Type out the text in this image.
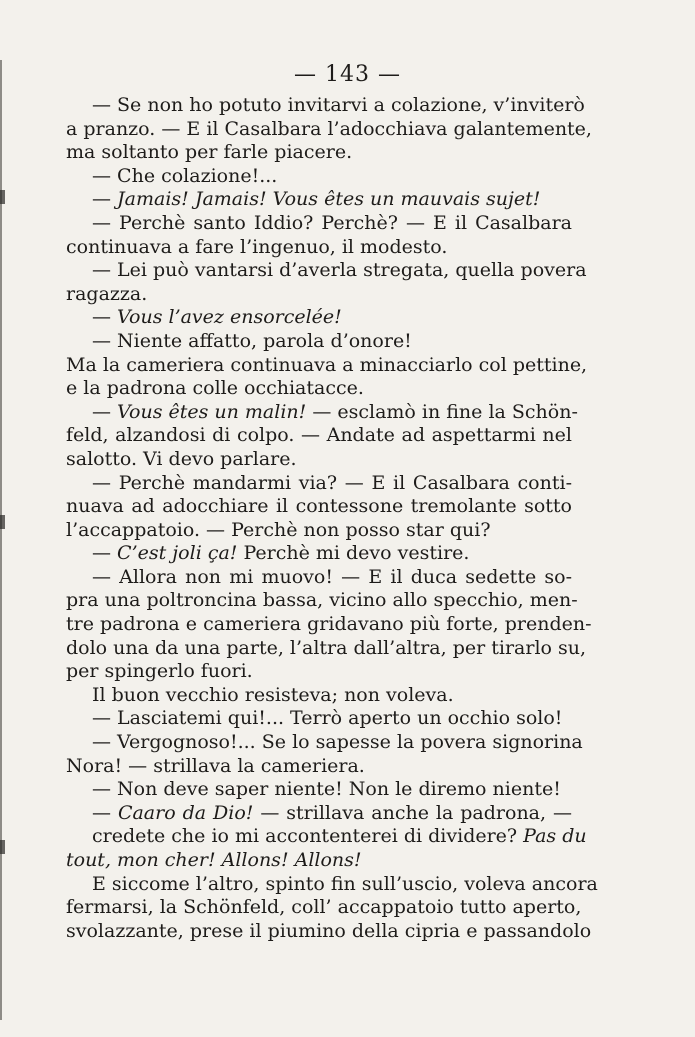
— 143 —
— Se non ho potuto invitarvi a colazione, v’inviterò
a pranzo. — E il Casalbara l’adocchiava galantemente,
ma soltanto per farle piacere.
— Che colazione!...
— Jamais! Jamais! Vous êtes un mauvais sujet!
— Perchè santo Iddio? Perchè? — E il Casalbara
continuava a fare l’ingenuo, il modesto.
— Lei può vantarsi d’averla stregata, quella povera
ragazza.
— Vous l’avez ensorcelée!
— Niente affatto, parola d’onore!
Ma la cameriera continuava a minacciarlo col pettine,
e la padrona colle occhiatacce.
— Vous êtes un malin! — esclamò in fine la Schön-
feld, alzandosi di colpo. — Andate ad aspettarmi nel
salotto. Vi devo parlare.
— Perchè mandarmi via? — E il Casalbara conti-
nuava ad adocchiare il contessone tremolante sotto
l’accappatoio. — Perchè non posso star qui?
— C’est joli ça! Perchè mi devo vestire.
— Allora non mi muovo! — E il duca sedette so-
pra una poltroncina bassa, vicino allo specchio, men-
tre padrona e cameriera gridavano più forte, prenden-
dolo una da una parte, l’altra dall’altra, per tirarlo su,
per spingerlo fuori.
Il buon vecchio resisteva; non voleva.
— Lasciatemi qui!... Terrò aperto un occhio solo!
— Vergognoso!... Se lo sapesse la povera signorina
Nora! — strillava la cameriera.
— Non deve saper niente! Non le diremo niente!
— Caaro da Dio! — strillava anche la padrona, —
credete che io mi accontenterei di dividere? Pas du
tout, mon cher! Allons! Allons!
E siccome l’altro, spinto fin sull’uscio, voleva ancora
fermarsi, la Schönfeld, coll’ accappatoio tutto aperto,
svolazzante, prese il piumino della cipria e passandolo
